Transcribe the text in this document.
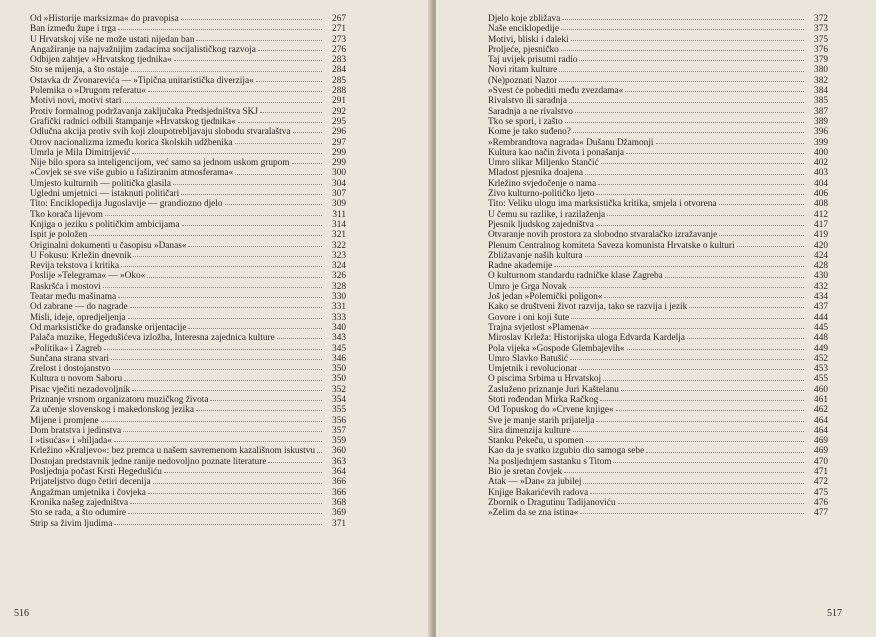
Od »Historije marksizma« do pravopisa	267
Ban između župe i trga	271
U Hrvatskoj više ne može ustati nijedan ban	273
Angažiranje na najvažnijim zadacima socijalističkog razvoja	276
Odbijen zahtjev »Hrvatskog tjednika«	283
Što se mijenja, a što ostaje	284
Ostavka dr Zvonarevića — »Tipična unitaristička diverzija«	285
Polemika o »Drugom referatu«	288
Motivi novi, motivi stari	291
Protiv formalnog podržavanja zaključaka Predsjedništva SKJ	292
Grafički radnici odbili štampanje »Hrvatskog tjednika«	295
Odlučna akcija protiv svih koji zloupotrebljavaju slobodu stvaralaštva	296
Otrov nacionalizma između korica školskih udžbenika	297
Umrla je Mila Dimitrijević	299
Nije bilo spora sa inteligencijom, već samo sa jednom uskom grupom	299
»Čovjek se sve više gubio u fašiziranim atmosferama«	300
Umjesto kulturnih — politička glasila	304
Ugledni umjetnici — istaknuti političari	307
Tito: Enciklopedija Jugoslavije — grandiozno djelo	309
Tko korača lijevom	311
Knjiga o jeziku s političkim ambicijama	314
Ispit je položen	321
Originalni dokumenti u časopisu »Danas«	322
U Fokusu: Krležin dnevnik	323
Revija tekstova i kritika	324
Poslije »Telegrama« — »Oko«	326
Raskršća i mostovi	328
Teatar među mašinama	330
Od zabrane — do nagrade	331
Misli, ideje, opredjeljenja	333
Od marksističke do građanske orijentacije	340
Palača muzike, Hegedušićeva izložba, Interesna zajednica kulture	343
»Politika« i Zagreb	345
Sunčana strana stvari	346
Zrelost i dostojanstvo	350
Kultura u novom Saboru	350
Pisac vječiti nezadovoljnik	352
Priznanje vrsnom organizatoru muzičkog života	354
Za učenje slovenskog i makedonskog jezika	355
Mijene i promjene	356
Dom bratstva i jedinstva	357
I »tisućas« i »hiljada«	359
Krležino »Kraljevo«: bez premca u našem savremenom kazališnom iskustvu	360
Dostojan predstavnik jedne ranije nedovoljno poznate literature	363
Posljednja počast Krsti Hegedušiću	364
Prijateljstvo dugo četiri decenija	366
Angažman umjetnika i čovjeka	366
Kronika našeg zajedništva	368
Što se rada, a što odumire	369
Strip sa živim ljudima	371
516
Djelo koje zbližava	372
Naše enciklopedije	373
Motivi, bliski i daleki	375
Proljeće, pjesničko	376
Taj uvijek prisutni radio	379
Novi ritam kulture	380
(Ne)poznati Nazor	382
»Svest će pobediti među zvezdama«	384
Rivalstvo ili saradnja	385
Saradnja a ne rivalstvo	387
Tko se spori, i zašto	389
Kome je tako suđeno?	396
»Rembrandtova nagrada« Dušanu Džamonji	399
Kultura kao način života i ponašanja	400
Umro slikar Miljenko Stančić	402
Mladost pjesnika doajena	403
Krležino svjedočenje o nama	404
Živo kulturno-političko ljeto	406
Tito: Veliku ulogu ima marksistička kritika, smjela i otvorena	408
U čemu su razlike, i razilaženja	412
Pjesnik ljudskog zajedništva	417
Otvaranje novih prostora za slobodno stvaralačko izražavanje	419
Plenum Centralnog komiteta Saveza komunista Hrvatske o kulturi	420
Zbližavanje naših kultura	424
Radne akademije	428
O kulturnom standardu radničke klase Zagreba	430
Umro je Grga Novak	432
Još jedan »Polemički poligon«	434
Kako se društveni život razvija, tako se razvija i jezik	437
Govore i oni koji šute	444
Trajna svjetlost »Plamena«	445
Miroslav Krleža: Historijska uloga Edvarda Kardelja	448
Pola vijeka »Gospode Glembajevih«	449
Umro Slavko Batušić	452
Umjetnik i revolucionar	453
O piscima Srbima u Hrvatskoj	455
Zasluženo priznanje Juri Kaštelanu	460
Stoti rođendan Mirka Račkog	461
Od Topuskog do »Crvene knjige«	462
Sve je manje starih prijatelja	464
Šira dimenzija kulture	464
Stanku Pekeču, u spomen	469
Kao da je svatko izgubio dio samoga sebe	469
Na posljednjem sastanku s Titom	470
Bio je sretan čovjek	471
Atak — »Dan« za jubilej	472
Knjige Bakarićevih radova	475
Zbornik o Dragutinu Tadijanoviću	476
»Želim da se zna istina«	477
517
